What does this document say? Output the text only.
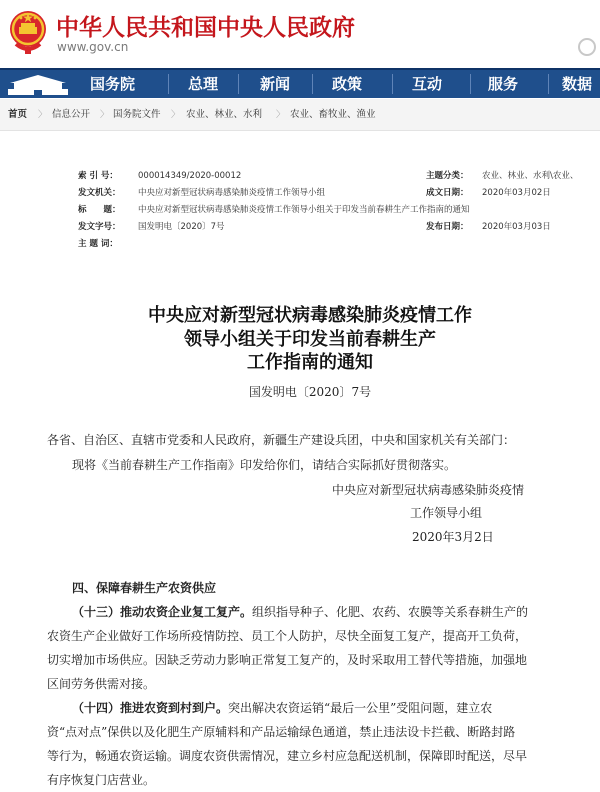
中华人民共和国中央人民政府
www.gov.cn
国务院	总理	新闻	政策	互动	服务	数据
首页 〉 信息公开 〉 国务院文件 〉 农业、林业、水利 〉 农业、畜牧业、渔业
索 引 号： 000014349/2020-00012	主题分类： 农业、林业、水利\农业、
发文机关： 中央应对新型冠状病毒感染肺炎疫情工作领导小组	成文日期： 2020年03月02日
标　　题： 中央应对新型冠状病毒感染肺炎疫情工作领导小组关于印发当前春耕生产工作指南的通知
发文字号： 国发明电〔2020〕7号	发布日期： 2020年03月03日
主 题 词：
中央应对新型冠状病毒感染肺炎疫情工作
领导小组关于印发当前春耕生产
工作指南的通知
国发明电〔2020〕7号
各省、自治区、直辖市党委和人民政府，新疆生产建设兵团，中央和国家机关有关部门：
现将《当前春耕生产工作指南》印发给你们，请结合实际抓好贯彻落实。
中央应对新型冠状病毒感染肺炎疫情
工作领导小组
2020年3月2日
四、保障春耕生产农资供应
（十三）推动农资企业复工复产。组织指导种子、化肥、农药、农膜等关系春耕生产的
农资生产企业做好工作场所疫情防控、员工个人防护，尽快全面复工复产，提高开工负荷，
切实增加市场供应。因缺乏劳动力影响正常复工复产的，及时采取用工替代等措施，加强地
区间劳务供需对接。
（十四）推进农资到村到户。突出解决农资运销“最后一公里”受阻问题，建立农
资“点对点”保供以及化肥生产原辅料和产品运输绿色通道，禁止违法设卡拦截、断路封路
等行为，畅通农资运输。调度农资供需情况，建立乡村应急配送机制，保障即时配送，尽早
有序恢复门店营业。
